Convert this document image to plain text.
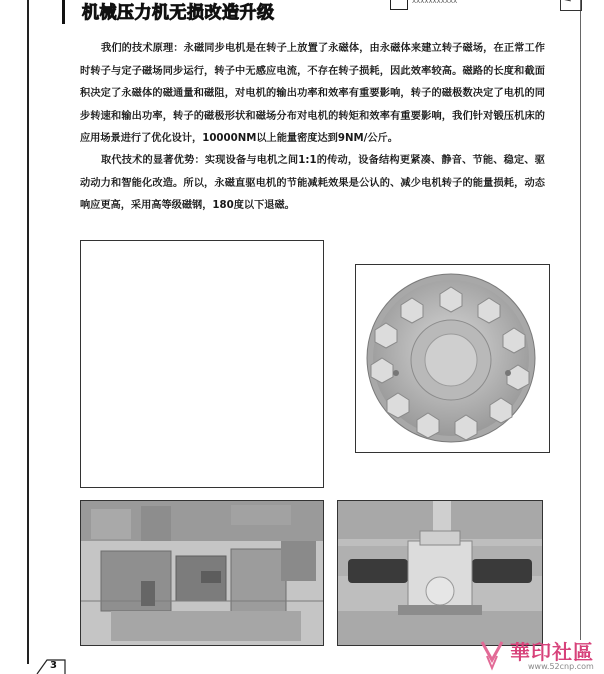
机械压力机无损改造升级
XXXXXXXXXXX
我们的技术原理：永磁同步电机是在转子上放置了永磁体，由永磁体来建立转子磁场，在正常工作时转子与定子磁场同步运行，转子中无感应电流，不存在转子损耗，因此效率较高。磁路的长度和截面积决定了永磁体的磁通量和磁阻，对电机的输出功率和效率有重要影响，转子的磁极数决定了电机的同步转速和输出功率，转子的磁极形状和磁场分布对电机的转矩和效率有重要影响，我们针对锻压机床的应用场景进行了优化设计，10000NM以上能量密度达到9NM/公斤。
取代技术的显著优势：实现设备与电机之间1:1的传动，设备结构更紧凑、静音、节能、稳定、驱动动力和智能化改造。所以，永磁直驱电机的节能减耗效果是公认的、减少电机转子的能量损耗，动态响应更高，采用高等级磁钢，180度以下退磁。
3
華印社區
www.52cnp.com
